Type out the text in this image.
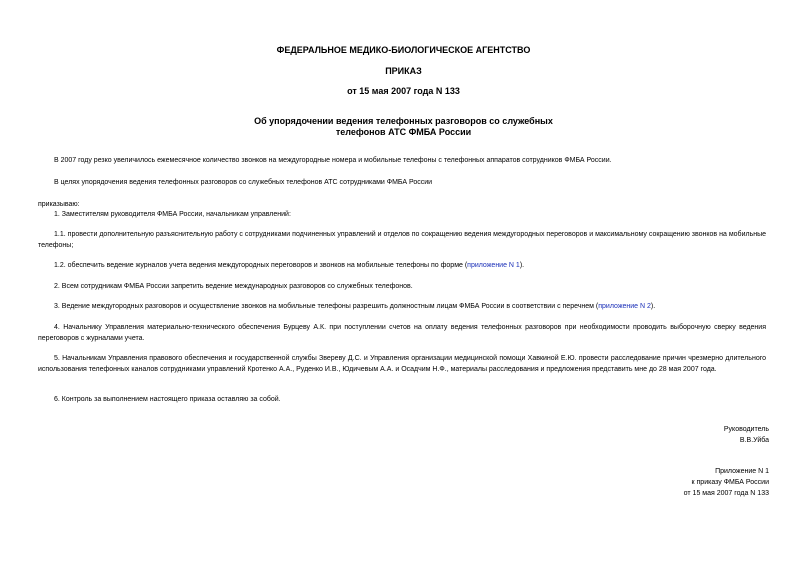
ФЕДЕРАЛЬНОЕ МЕДИКО-БИОЛОГИЧЕСКОЕ АГЕНТСТВО
ПРИКАЗ
от 15 мая 2007 года N 133
Об упорядочении ведения телефонных разговоров со служебных
телефонов АТС ФМБА России
В 2007 году резко увеличилось ежемесячное количество звонков на междугородные номера и мобильные телефоны с телефонных аппаратов сотрудников ФМБА России.
В целях упорядочения ведения телефонных разговоров со служебных телефонов АТС сотрудниками ФМБА России
приказываю:
1. Заместителям руководителя ФМБА России, начальникам управлений:
1.1. провести дополнительную разъяснительную работу с сотрудниками подчиненных управлений и отделов по сокращению ведения междугородных переговоров и максимальному сокращению звонков на мобильные телефоны;
1.2. обеспечить ведение журналов учета ведения междугородных переговоров и звонков на мобильные телефоны по форме (приложение N 1).
2. Всем сотрудникам ФМБА России запретить ведение международных разговоров со служебных телефонов.
3. Ведение междугородных разговоров и осуществление звонков на мобильные телефоны разрешить должностным лицам ФМБА России в соответствии с перечнем (приложение N 2).
4. Начальнику Управления материально-технического обеспечения Бурцеву А.К. при поступлении счетов на оплату ведения телефонных разговоров при необходимости проводить выборочную сверку ведения переговоров с журналами учета.
5. Начальникам Управления правового обеспечения и государственной службы Звереву Д.С. и Управления организации медицинской помощи Хавкиной Е.Ю. провести расследование причин чрезмерно длительного использования телефонных каналов сотрудниками управлений Кротенко А.А., Руденко И.В., Юдичевым А.А. и Осадчим Н.Ф., материалы расследования и предложения представить мне до 28 мая 2007 года.
6. Контроль за выполнением настоящего приказа оставляю за собой.
Руководитель
В.В.Уйба
Приложение N 1
к приказу ФМБА России
от 15 мая 2007 года N 133
